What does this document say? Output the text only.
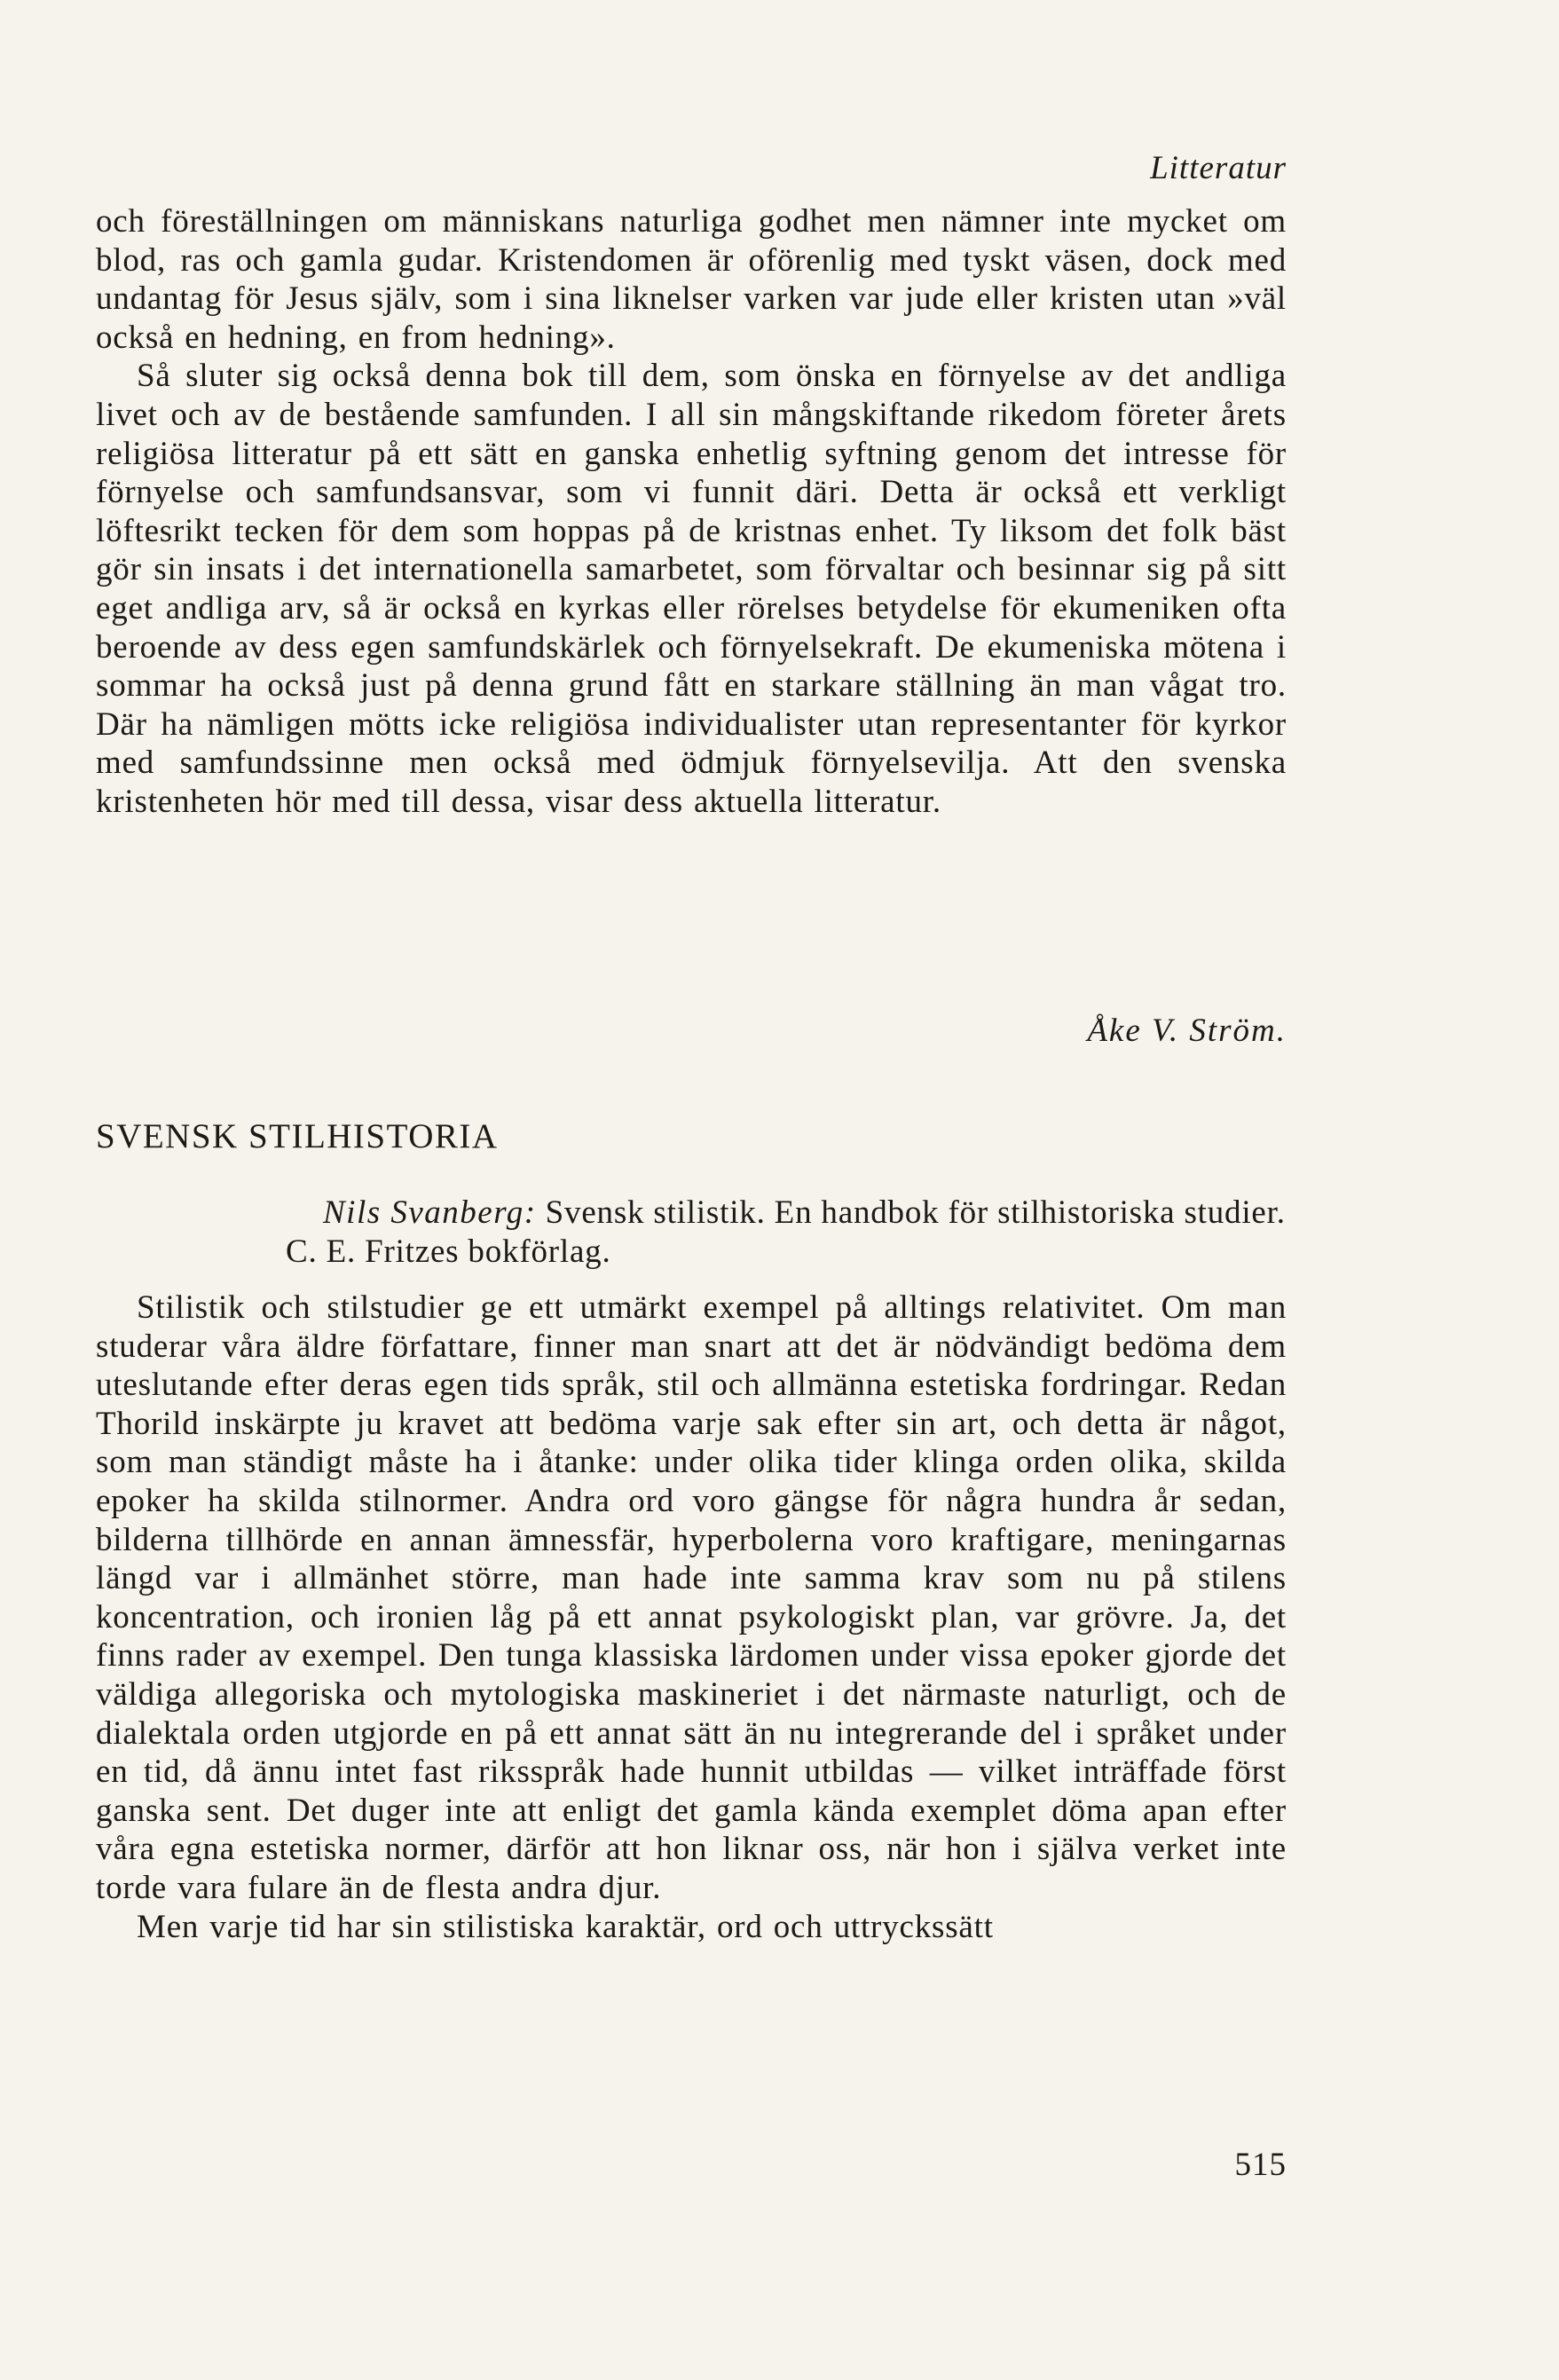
Litteratur

och föreställningen om människans naturliga godhet men nämner inte mycket om blod, ras och gamla gudar. Kristendomen är oförenlig med tyskt väsen, dock med undantag för Jesus själv, som i sina liknelser varken var jude eller kristen utan »väl också en hedning, en from hedning».

Så sluter sig också denna bok till dem, som önska en förnyelse av det andliga livet och av de bestående samfunden. I all sin mångskiftande rikedom företer årets religiösa litteratur på ett sätt en ganska enhetlig syftning genom det intresse för förnyelse och samfundsansvar, som vi funnit däri. Detta är också ett verkligt löftesrikt tecken för dem som hoppas på de kristnas enhet. Ty liksom det folk bäst gör sin insats i det internationella samarbetet, som förvaltar och besinnar sig på sitt eget andliga arv, så är också en kyrkas eller rörelses betydelse för ekumeniken ofta beroende av dess egen samfundskärlek och förnyelsekraft. De ekumeniska mötena i sommar ha också just på denna grund fått en starkare ställning än man vågat tro. Där ha nämligen mötts icke religiösa individualister utan representanter för kyrkor med samfundssinne men också med ödmjuk förnyelsevilja. Att den svenska kristenheten hör med till dessa, visar dess aktuella litteratur.

Åke V. Ström.
SVENSK STILHISTORIA

Nils Svanberg: Svensk stilistik. En handbok för stilhistoriska studier. C. E. Fritzes bokförlag.

Stilistik och stilstudier ge ett utmärkt exempel på alltings relativitet. Om man studerar våra äldre författare, finner man snart att det är nödvändigt bedöma dem uteslutande efter deras egen tids språk, stil och allmänna estetiska fordringar. Redan Thorild inskärpte ju kravet att bedöma varje sak efter sin art, och detta är något, som man ständigt måste ha i åtanke: under olika tider klinga orden olika, skilda epoker ha skilda stilnormer. Andra ord voro gängse för några hundra år sedan, bilderna tillhörde en annan ämnessfär, hyperbolerna voro kraftigare, meningarnas längd var i allmänhet större, man hade inte samma krav som nu på stilens koncentration, och ironien låg på ett annat psykologiskt plan, var grövre. Ja, det finns rader av exempel. Den tunga klassiska lärdomen under vissa epoker gjorde det väldiga allegoriska och mytologiska maskineriet i det närmaste naturligt, och de dialektala orden utgjorde en på ett annat sätt än nu integrerande del i språket under en tid, då ännu intet fast riksspråk hade hunnit utbildas — vilket inträffade först ganska sent. Det duger inte att enligt det gamla kända exemplet döma apan efter våra egna estetiska normer, därför att hon liknar oss, när hon i själva verket inte torde vara fulare än de flesta andra djur.

Men varje tid har sin stilistiska karaktär, ord och uttryckssätt

515
